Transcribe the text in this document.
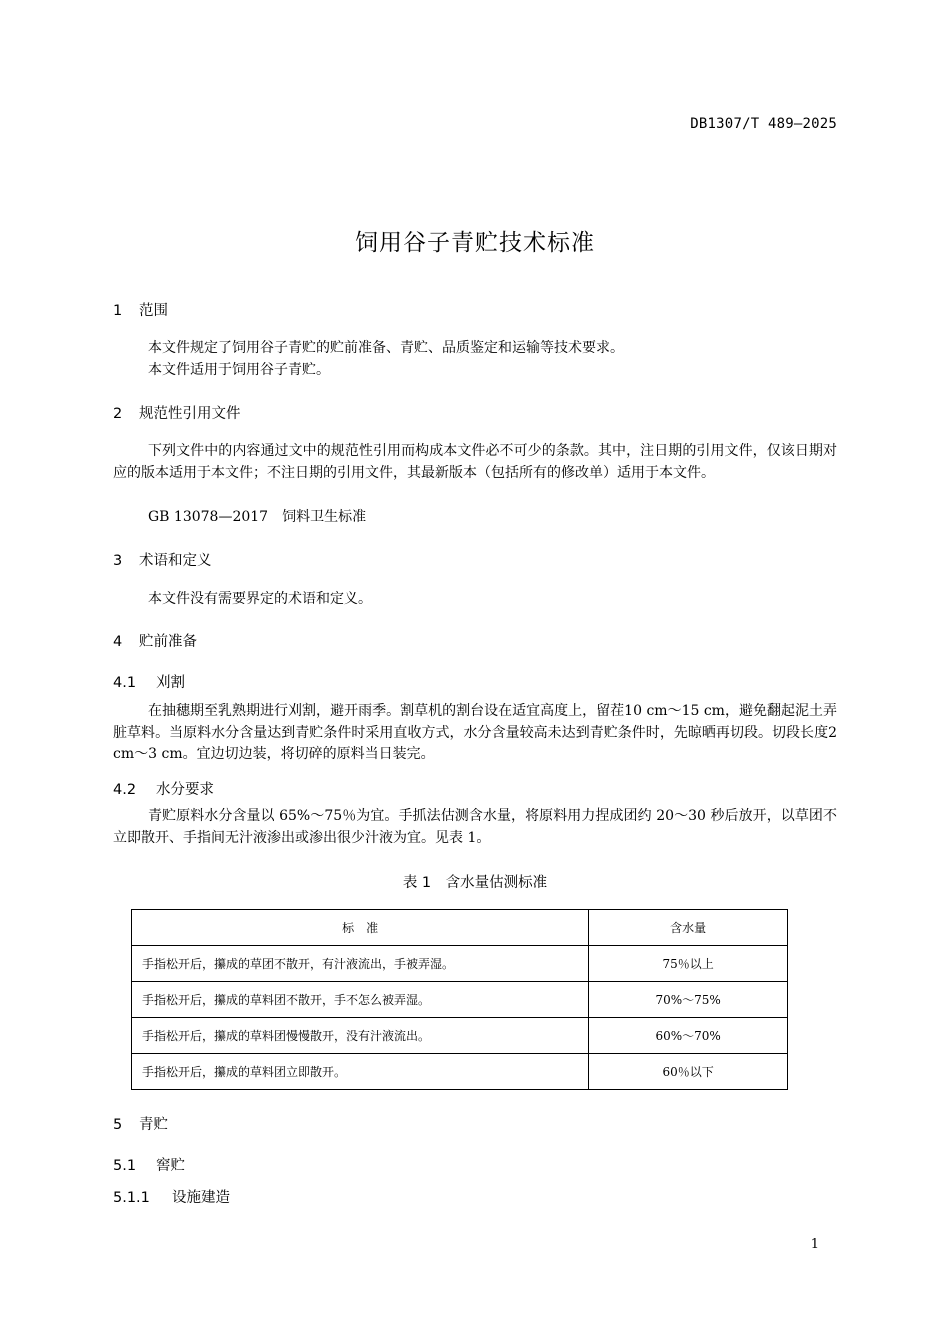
DB1307/T 489—2025
饲用谷子青贮技术标准
1 范围
本文件规定了饲用谷子青贮的贮前准备、青贮、品质鉴定和运输等技术要求。
本文件适用于饲用谷子青贮。
2 规范性引用文件
下列文件中的内容通过文中的规范性引用而构成本文件必不可少的条款。其中，注日期的引用文件，仅该日期对应的版本适用于本文件；不注日期的引用文件，其最新版本（包括所有的修改单）适用于本文件。
GB 13078—2017　饲料卫生标准
3 术语和定义
本文件没有需要界定的术语和定义。
4 贮前准备
4.1 刈割
在抽穗期至乳熟期进行刈割，避开雨季。割草机的割台设在适宜高度上，留茬10 cm～15 cm，避免翻起泥土弄脏草料。当原料水分含量达到青贮条件时采用直收方式，水分含量较高未达到青贮条件时，先晾晒再切段。切段长度2 cm～3 cm。宜边切边装，将切碎的原料当日装完。
4.2 水分要求
青贮原料水分含量以 65%～75％为宜。手抓法估测含水量，将原料用力捏成团约 20～30 秒后放开，以草团不立即散开、手指间无汁液渗出或渗出很少汁液为宜。见表 1。
表 1　含水量估测标准
标　准	含水量
手指松开后，攥成的草团不散开，有汁液流出，手被弄湿。	75％以上
手指松开后，攥成的草料团不散开，手不怎么被弄湿。	70%～75%
手指松开后，攥成的草料团慢慢散开，没有汁液流出。	60%～70%
手指松开后，攥成的草料团立即散开。	60％以下
5 青贮
5.1 窖贮
5.1.1 设施建造
1
